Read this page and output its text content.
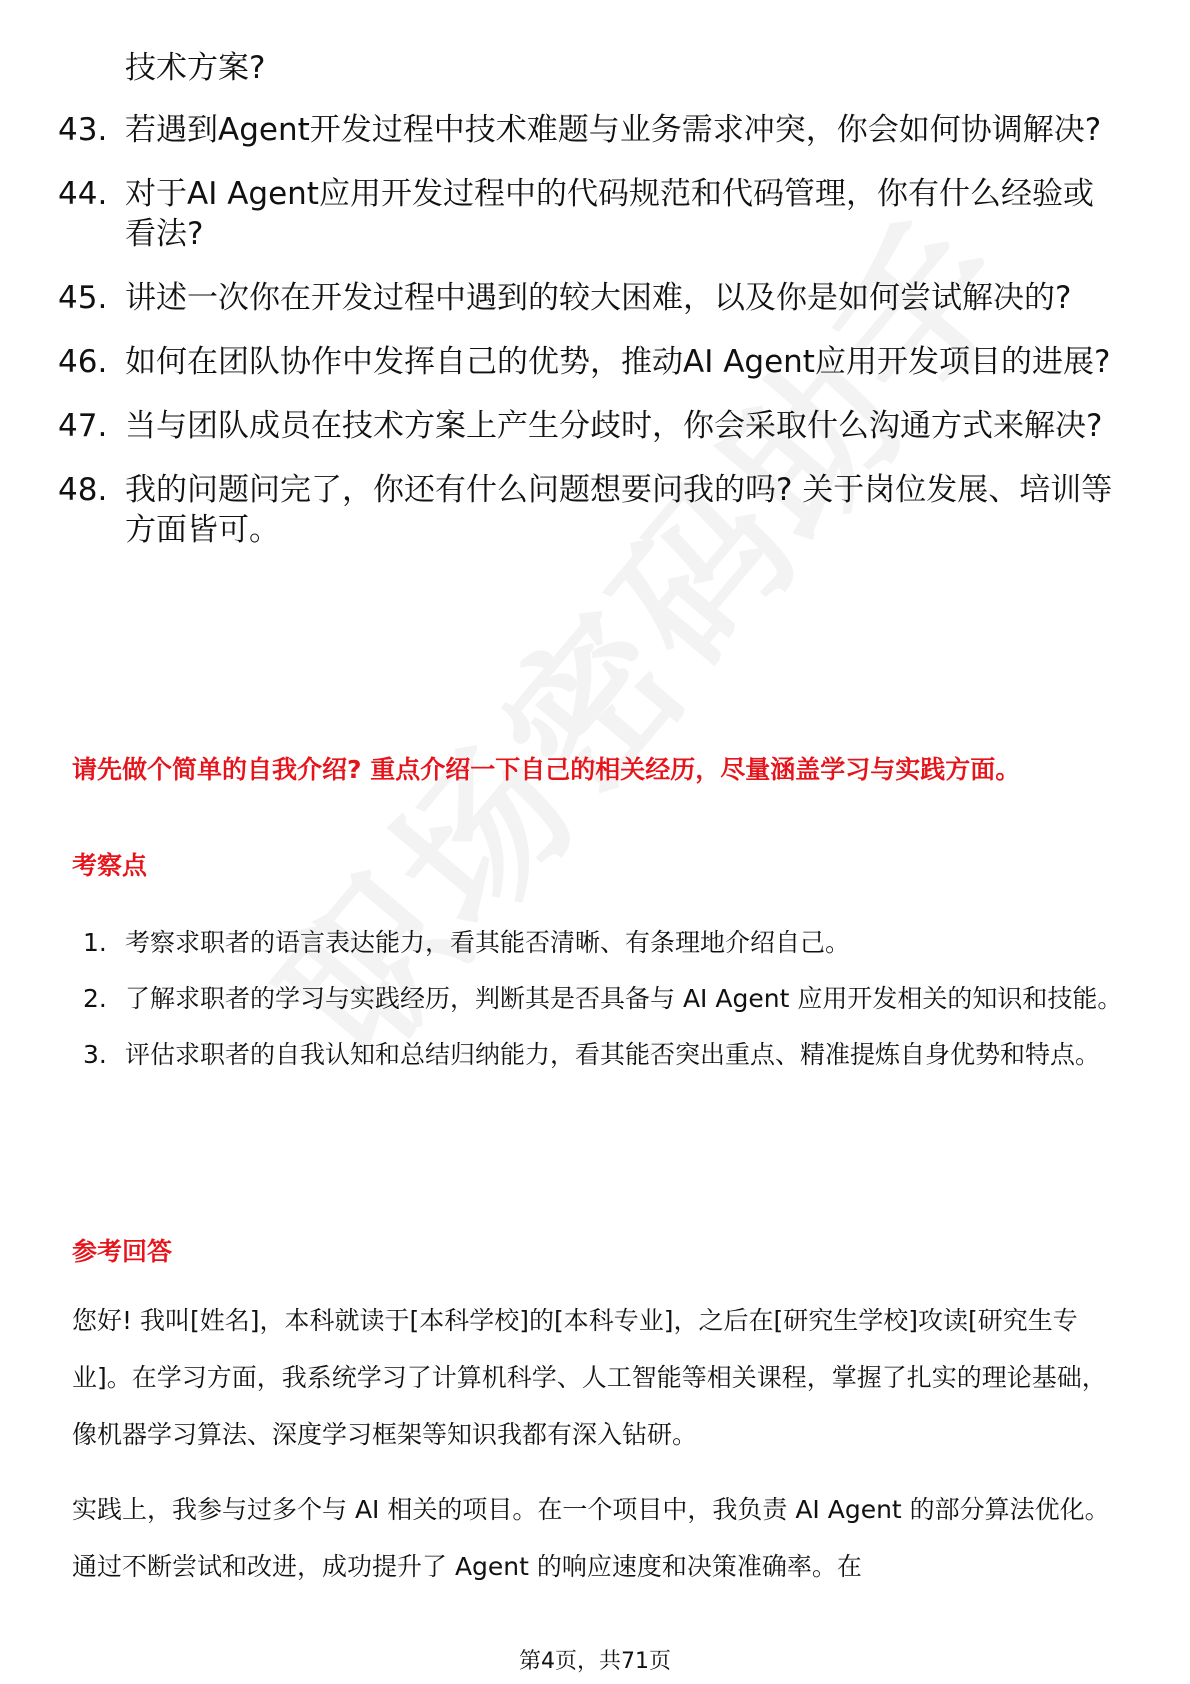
技术方案?
43. 若遇到Agent开发过程中技术难题与业务需求冲突，你会如何协调解决?
44. 对于AI Agent应用开发过程中的代码规范和代码管理，你有什么经验或看法?
45. 讲述一次你在开发过程中遇到的较大困难，以及你是如何尝试解决的?
46. 如何在团队协作中发挥自己的优势，推动AI Agent应用开发项目的进展?
47. 当与团队成员在技术方案上产生分歧时，你会采取什么沟通方式来解决?
48. 我的问题问完了，你还有什么问题想要问我的吗? 关于岗位发展、培训等方面皆可。
请先做个简单的自我介绍? 重点介绍一下自己的相关经历，尽量涵盖学习与实践方面。
考察点
1. 考察求职者的语言表达能力，看其能否清晰、有条理地介绍自己。
2. 了解求职者的学习与实践经历，判断其是否具备与 AI Agent 应用开发相关的知识和技能。
3. 评估求职者的自我认知和总结归纳能力，看其能否突出重点、精准提炼自身优势和特点。
参考回答

您好! 我叫[姓名]，本科就读于[本科学校]的[本科专业]，之后在[研究生学校]攻读[研究生专业]。在学习方面，我系统学习了计算机科学、人工智能等相关课程，掌握了扎实的理论基础，像机器学习算法、深度学习框架等知识我都有深入钻研。

实践上，我参与过多个与 AI 相关的项目。在一个项目中，我负责 AI Agent 的部分算法优化。通过不断尝试和改进，成功提升了 Agent 的响应速度和决策准确率。在

第4页，共71页
